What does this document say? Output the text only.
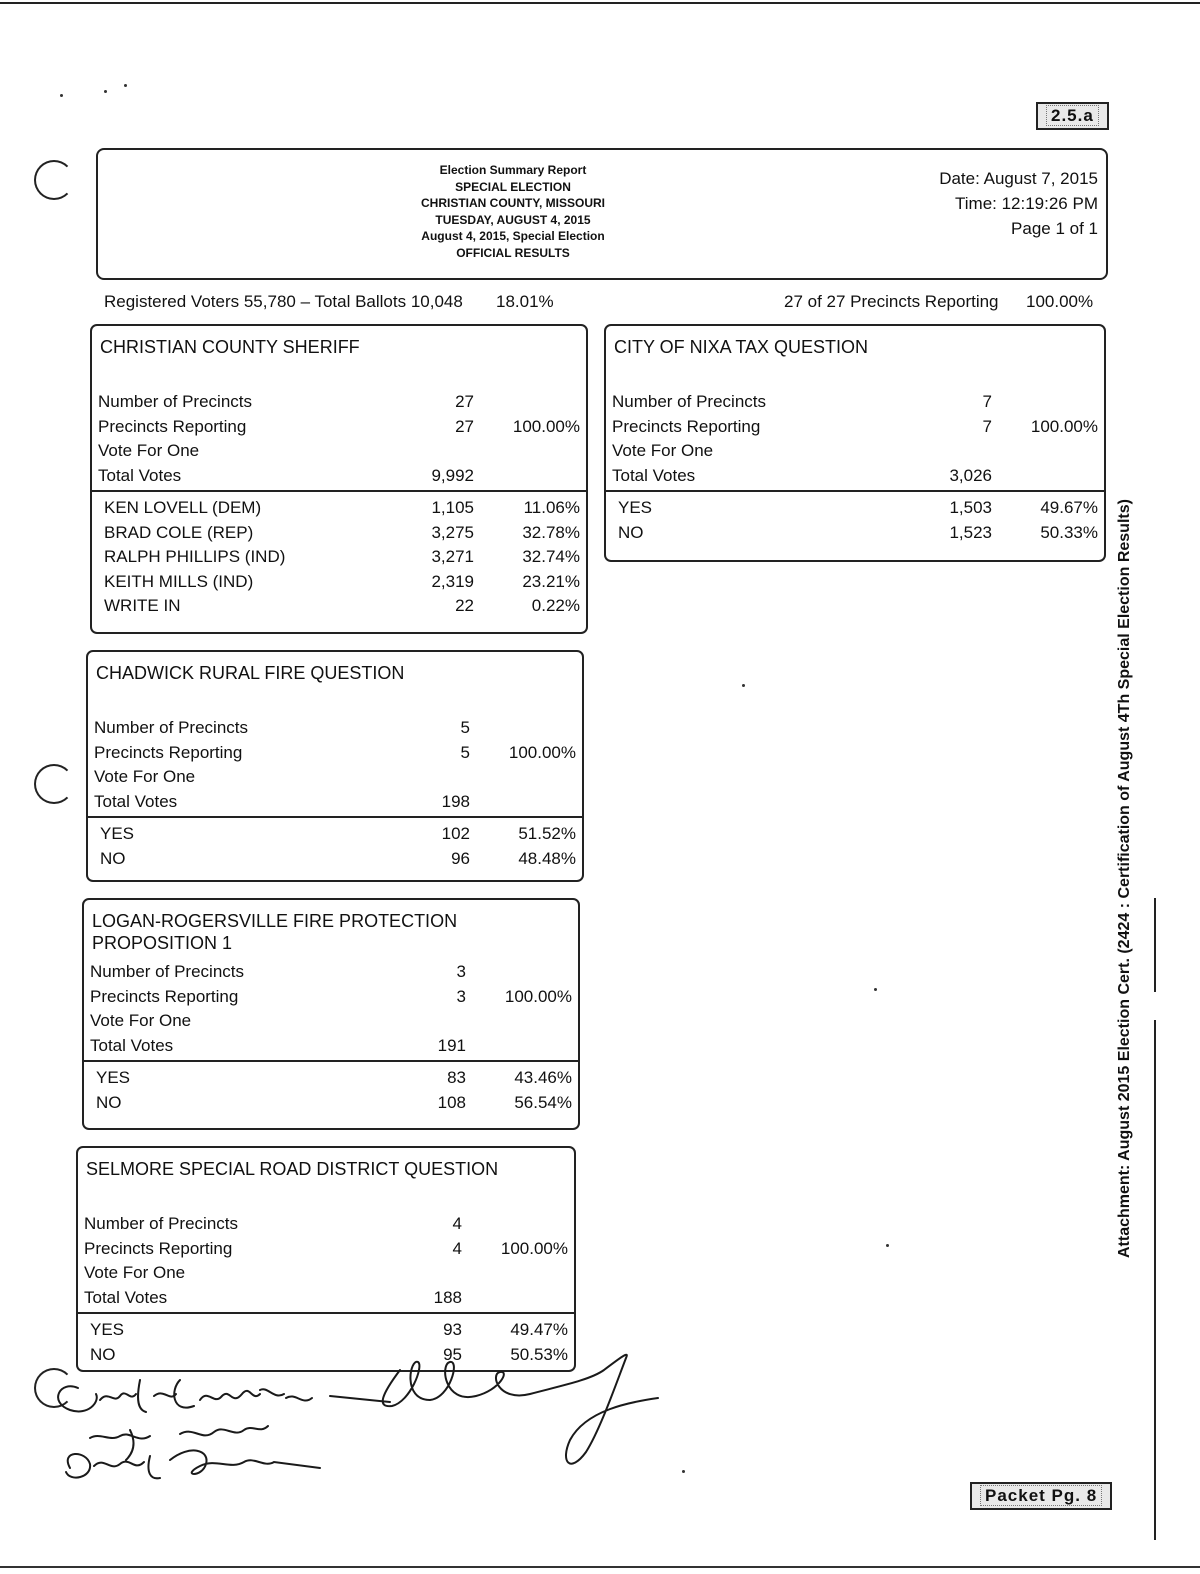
2.5.a
Packet Pg. 8
Election Summary Report
SPECIAL ELECTION
CHRISTIAN COUNTY, MISSOURI
TUESDAY, AUGUST 4, 2015
August 4, 2015, Special Election
OFFICIAL RESULTS
Date: August 7, 2015
Time: 12:19:26 PM
Page 1 of 1
Registered Voters 55,780 – Total Ballots 10,048 18.01%	27 of 27 Precincts Reporting 100.00%
CHRISTIAN COUNTY SHERIFF
Number of Precincts	27
Precincts Reporting	27 100.00%
Vote For One
Total Votes	9,992
KEN LOVELL (DEM)	1,105	11.06%
BRAD COLE (REP)	3,275	32.78%
RALPH PHILLIPS (IND)	3,271	32.74%
KEITH MILLS (IND)	2,319	23.21%
WRITE IN	22	0.22%
CITY OF NIXA TAX QUESTION
Number of Precincts	7
Precincts Reporting	7 100.00%
Vote For One
Total Votes	3,026
YES	1,503	49.67%
NO	1,523	50.33%
CHADWICK RURAL FIRE QUESTION
Number of Precincts	5
Precincts Reporting	5 100.00%
Vote For One
Total Votes	198
YES	102	51.52%
NO	96	48.48%
LOGAN-ROGERSVILLE FIRE PROTECTION PROPOSITION 1
Number of Precincts	3
Precincts Reporting	3 100.00%
Vote For One
Total Votes	191
YES	83	43.46%
NO	108	56.54%
SELMORE SPECIAL ROAD DISTRICT QUESTION
Number of Precincts	4
Precincts Reporting	4 100.00%
Vote For One
Total Votes	188
YES	93	49.47%
NO	95	50.53%
Attachment: August 2015 Election Cert. (2424 : Certification of August 4Th Special Election Results)
